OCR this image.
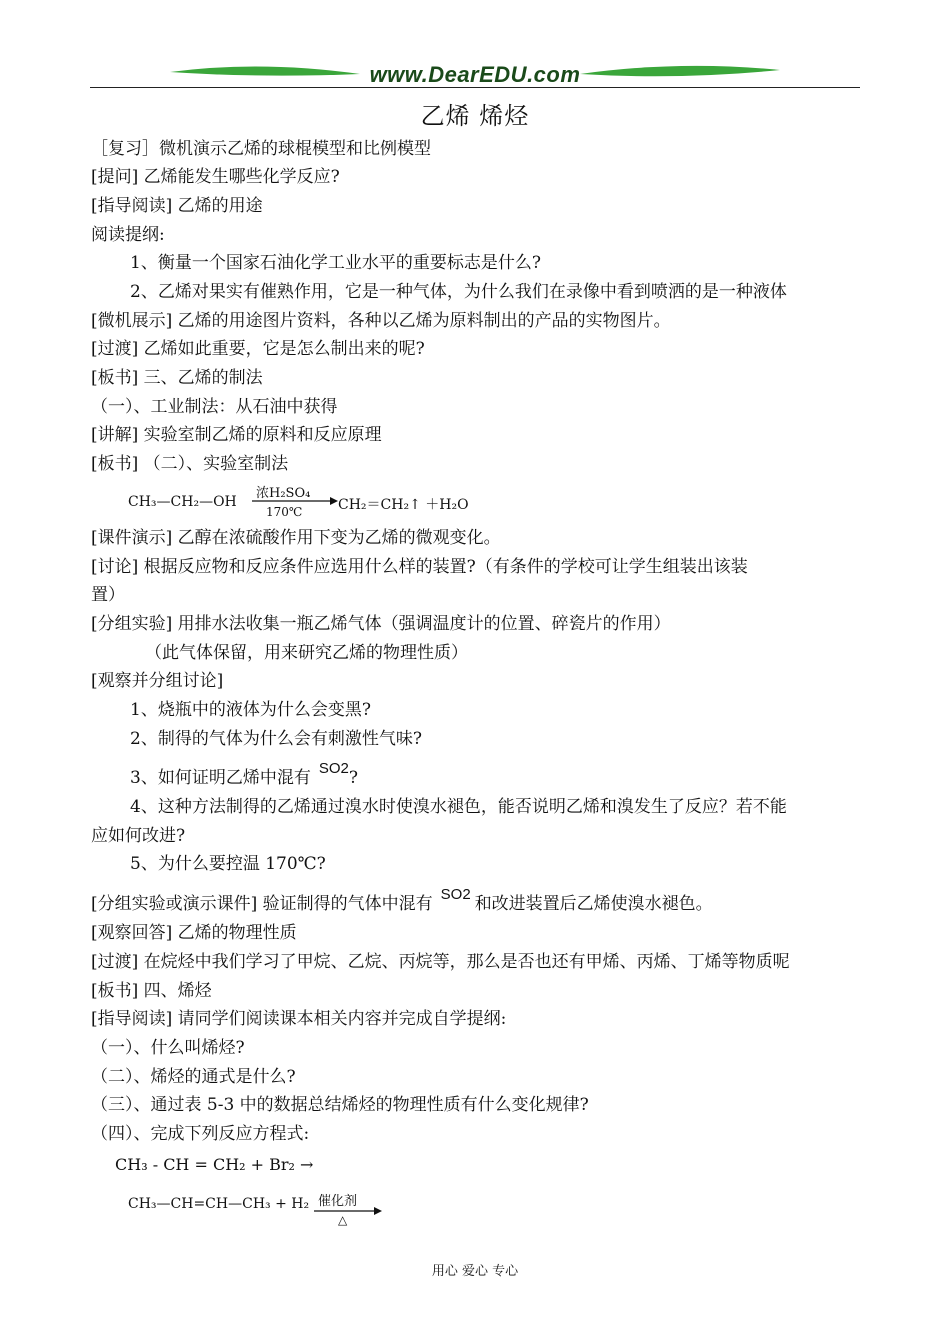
www.DearEDU.com
乙烯 烯烃
［复习］微机演示乙烯的球棍模型和比例模型
[提问] 乙烯能发生哪些化学反应?
[指导阅读] 乙烯的用途
阅读提纲:
1、衡量一个国家石油化学工业水平的重要标志是什么?
2、乙烯对果实有催熟作用，它是一种气体，为什么我们在录像中看到喷洒的是一种液体
[微机展示] 乙烯的用途图片资料，各种以乙烯为原料制出的产品的实物图片。
[过渡] 乙烯如此重要，它是怎么制出来的呢?
[板书] 三、乙烯的制法
（一）、工业制法：从石油中获得
[讲解] 实验室制乙烯的原料和反应原理
[板书] （二）、实验室制法
CH₃—CH₂—OH
浓H₂SO₄
170℃	CH₂＝CH₂↑ ＋H₂O
[课件演示] 乙醇在浓硫酸作用下变为乙烯的微观变化。
[讨论] 根据反应物和反应条件应选用什么样的装置?（有条件的学校可让学生组装出该装
置）
[分组实验] 用排水法收集一瓶乙烯气体（强调温度计的位置、碎瓷片的作用）
（此气体保留，用来研究乙烯的物理性质）
[观察并分组讨论]
1、烧瓶中的液体为什么会变黑?
2、制得的气体为什么会有刺激性气味?
3、如何证明乙烯中混有 SO2?
4、这种方法制得的乙烯通过溴水时使溴水褪色，能否说明乙烯和溴发生了反应？若不能
应如何改进?
5、为什么要控温 170℃?
[分组实验或演示课件] 验证制得的气体中混有 SO2 和改进装置后乙烯使溴水褪色。
[观察回答] 乙烯的物理性质
[过渡] 在烷烃中我们学习了甲烷、乙烷、丙烷等，那么是否也还有甲烯、丙烯、丁烯等物质呢
[板书] 四、烯烃
[指导阅读] 请同学们阅读课本相关内容并完成自学提纲:
（一）、什么叫烯烃?
（二）、烯烃的通式是什么?
（三）、通过表 5-3 中的数据总结烯烃的物理性质有什么变化规律?
（四）、完成下列反应方程式:
CH₃ - CH = CH₂ + Br₂ →
CH₃—CH=CH—CH₃ + H₂ 催化剂
△
用心 爱心 专心
